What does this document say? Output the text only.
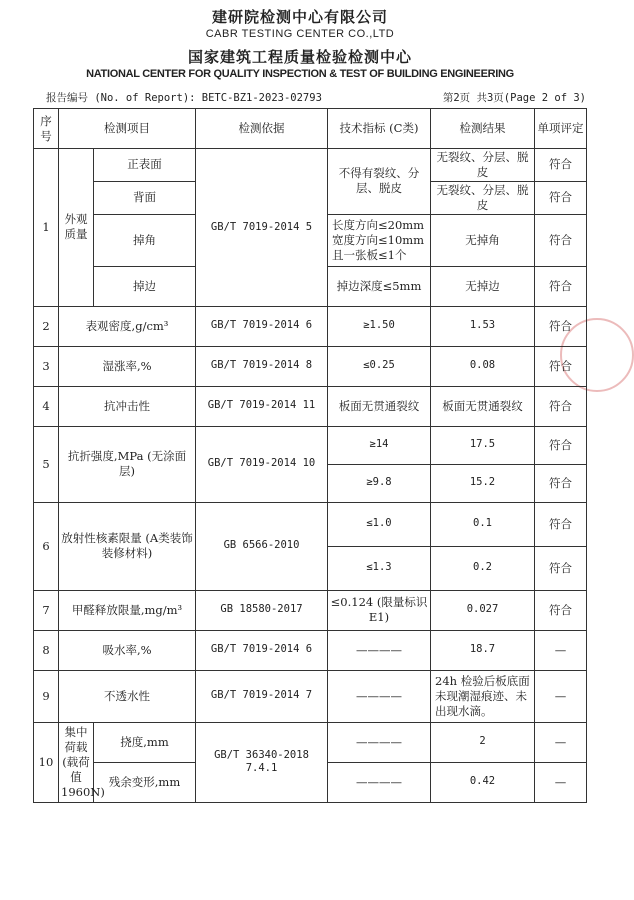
建研院检测中心有限公司
CABR TESTING CENTER CO.,LTD
国家建筑工程质量检验检测中心
NATIONAL CENTER FOR QUALITY INSPECTION & TEST OF BUILDING ENGINEERING
报告编号 (No. of Report): BETC-BZ1-2023-02793	第2页 共3页(Page 2 of 3)
序号	检测项目		检测依据	技术指标 (C类)	检测结果	单项评定
1	外观质量	正表面	GB/T 7019-2014 5	不得有裂纹、分层、脱皮	无裂纹、分层、脱皮	符合
		背面			无裂纹、分层、脱皮	符合
		掉角		长度方向≤20mm 宽度方向≤10mm 且一张板≤1个	无掉角	符合
		掉边		掉边深度≤5mm	无掉边	符合
2	表观密度,g/cm³		GB/T 7019-2014 6	≥1.50	1.53	符合
3	湿涨率,%		GB/T 7019-2014 8	≤0.25	0.08	符合
4	抗冲击性		GB/T 7019-2014 11	板面无贯通裂纹	板面无贯通裂纹	符合
5	抗折强度,MPa (无涂面层)		GB/T 7019-2014 10	≥14	17.5	符合
				≥9.8	15.2	符合
6	放射性核素限量 (A类装饰装修材料)		GB 6566-2010	≤1.0	0.1	符合
				≤1.3	0.2	符合
7	甲醛释放限量,mg/m³		GB 18580-2017	≤0.124 (限量标识E1)	0.027	符合
8	吸水率,%		GB/T 7019-2014 6	————	18.7	—
9	不透水性		GB/T 7019-2014 7	————	24h 检验后板底面未现潮湿痕迹、未出现水滴。	—
10	集中荷载 (载荷值1960N)	挠度,mm	GB/T 36340-2018 7.4.1	————	2	—
		残余变形,mm		————	0.42	—
